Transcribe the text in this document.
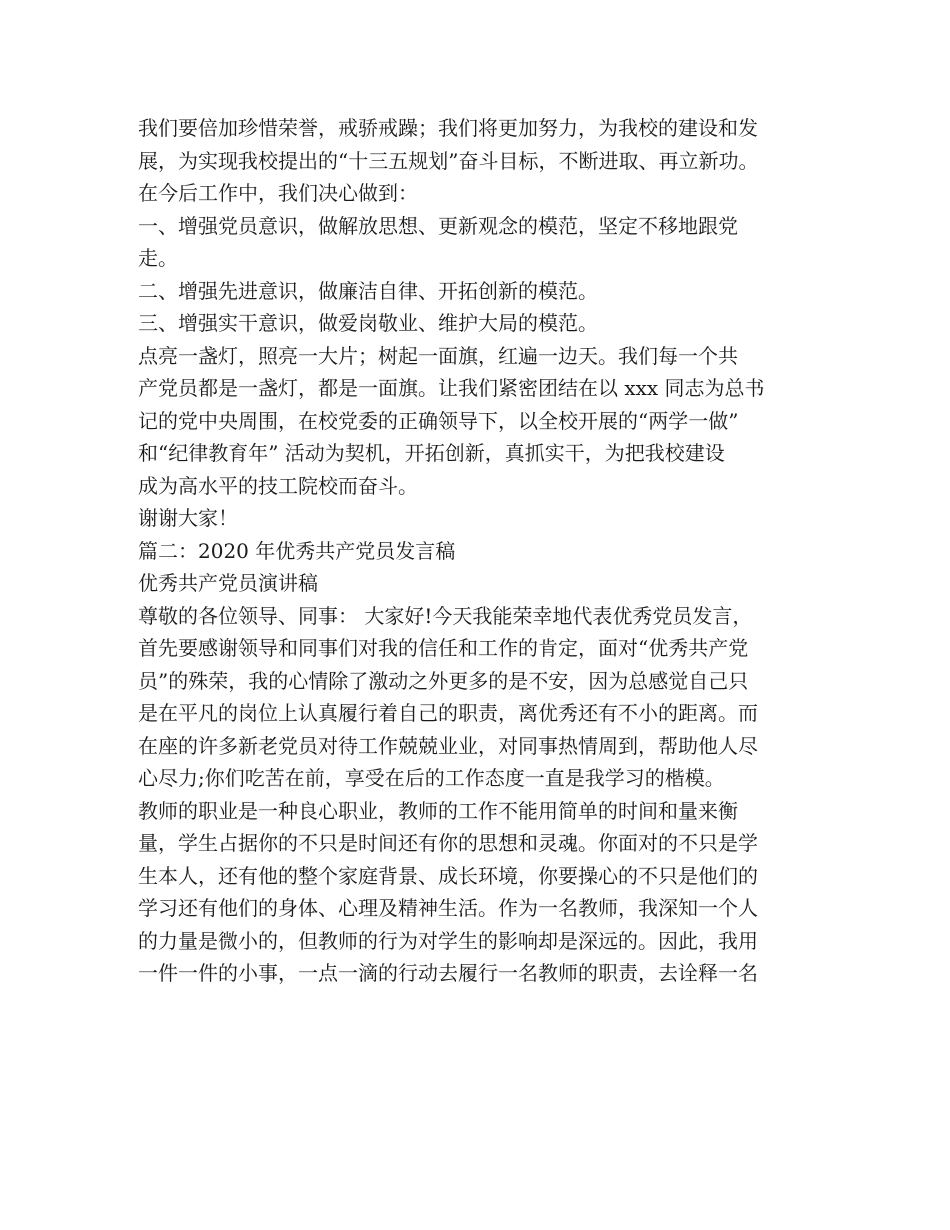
我们要倍加珍惜荣誉，戒骄戒躁；我们将更加努力，为我校的建设和发
展，为实现我校提出的“十三五规划”奋斗目标，不断进取、再立新功。
在今后工作中，我们决心做到：
一、增强党员意识，做解放思想、更新观念的模范，坚定不移地跟党
走。
二、增强先进意识，做廉洁自律、开拓创新的模范。
三、增强实干意识，做爱岗敬业、维护大局的模范。
点亮一盏灯，照亮一大片；树起一面旗，红遍一边天。我们每一个共
产党员都是一盏灯，都是一面旗。让我们紧密团结在以 xxx 同志为总书
记的党中央周围，在校党委的正确领导下，以全校开展的“两学一做”
和“纪律教育年” 活动为契机，开拓创新，真抓实干，为把我校建设
成为高水平的技工院校而奋斗。
谢谢大家！
篇二：2020 年优秀共产党员发言稿
优秀共产党员演讲稿
尊敬的各位领导、同事： 大家好!今天我能荣幸地代表优秀党员发言，
首先要感谢领导和同事们对我的信任和工作的肯定，面对“优秀共产党
员”的殊荣，我的心情除了激动之外更多的是不安，因为总感觉自己只
是在平凡的岗位上认真履行着自己的职责，离优秀还有不小的距离。而
在座的许多新老党员对待工作兢兢业业，对同事热情周到，帮助他人尽
心尽力;你们吃苦在前，享受在后的工作态度一直是我学习的楷模。
教师的职业是一种良心职业，教师的工作不能用简单的时间和量来衡
量，学生占据你的不只是时间还有你的思想和灵魂。你面对的不只是学
生本人，还有他的整个家庭背景、成长环境，你要操心的不只是他们的
学习还有他们的身体、心理及精神生活。作为一名教师，我深知一个人
的力量是微小的，但教师的行为对学生的影响却是深远的。因此，我用
一件一件的小事，一点一滴的行动去履行一名教师的职责，去诠释一名
